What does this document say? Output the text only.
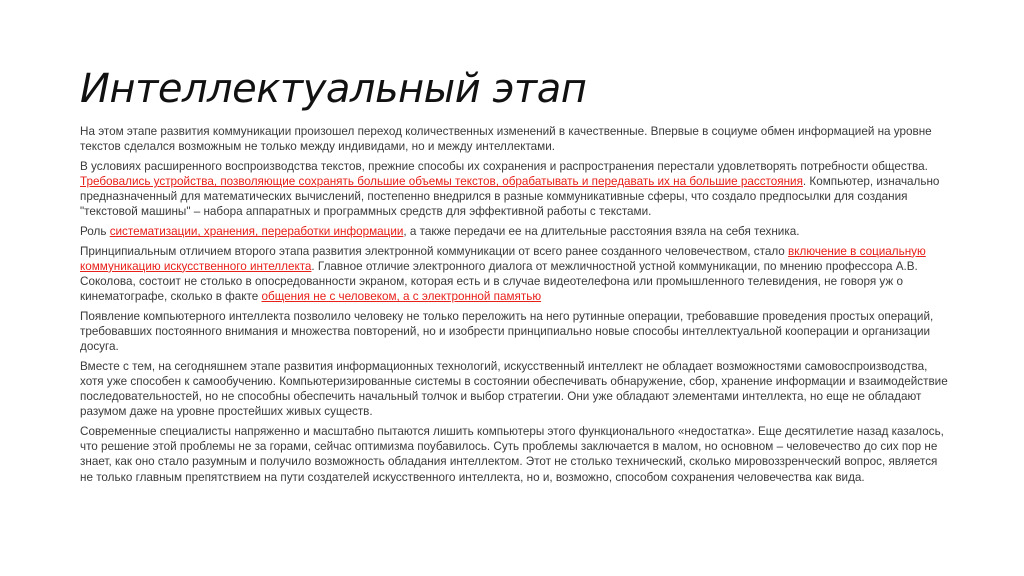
Интеллектуальный этап

На этом этапе развития коммуникации произошел переход количественных изменений в качественные. Впервые в социуме обмен информацией на уровне текстов сделался возможным не только между индивидами, но и между интеллектами.

В условиях расширенного воспроизводства текстов, прежние способы их сохранения и распространения перестали удовлетворять потребности общества. Требовались устройства, позволяющие сохранять большие объемы текстов, обрабатывать и передавать их на большие расстояния. Компьютер, изначально предназначенный для математических вычислений, постепенно внедрился в разные коммуникативные сферы, что создало предпосылки для создания "текстовой машины" – набора аппаратных и программных средств для эффективной работы с текстами.

Роль систематизации, хранения, переработки информации, а также передачи ее на длительные расстояния взяла на себя техника.

Принципиальным отличием второго этапа развития электронной коммуникации от всего ранее созданного человечеством, стало включение в социальную коммуникацию искусственного интеллекта. Главное отличие электронного диалога от межличностной устной коммуникации, по мнению профессора А.В. Соколова, состоит не столько в опосредованности экраном, которая есть и в случае видеотелефона или промышленного телевидения, не говоря уж о кинематографе, сколько в факте общения не с человеком, а с электронной памятью

Появление компьютерного интеллекта позволило человеку не только переложить на него рутинные операции, требовавшие проведения простых операций, требовавших постоянного внимания и множества повторений, но и изобрести принципиально новые способы интеллектуальной кооперации и организации досуга.

Вместе с тем, на сегодняшнем этапе развития информационных технологий, искусственный интеллект не обладает возможностями самовоспроизводства, хотя уже способен к самообучению. Компьютеризированные системы в состоянии обеспечивать обнаружение, сбор, хранение информации и взаимодействие последовательностей, но не способны обеспечить начальный толчок и выбор стратегии. Они уже обладают элементами интеллекта, но еще не обладают разумом даже на уровне простейших живых существ.

Современные специалисты напряженно и масштабно пытаются лишить компьютеры этого функционального «недостатка». Еще десятилетие назад казалось, что решение этой проблемы не за горами, сейчас оптимизма поубавилось. Суть проблемы заключается в малом, но основном – человечество до сих пор не знает, как оно стало разумным и получило возможность обладания интеллектом. Этот не столько технический, сколько мировоззренческий вопрос, является не только главным препятствием на пути создателей искусственного интеллекта, но и, возможно, способом сохранения человечества как вида.
